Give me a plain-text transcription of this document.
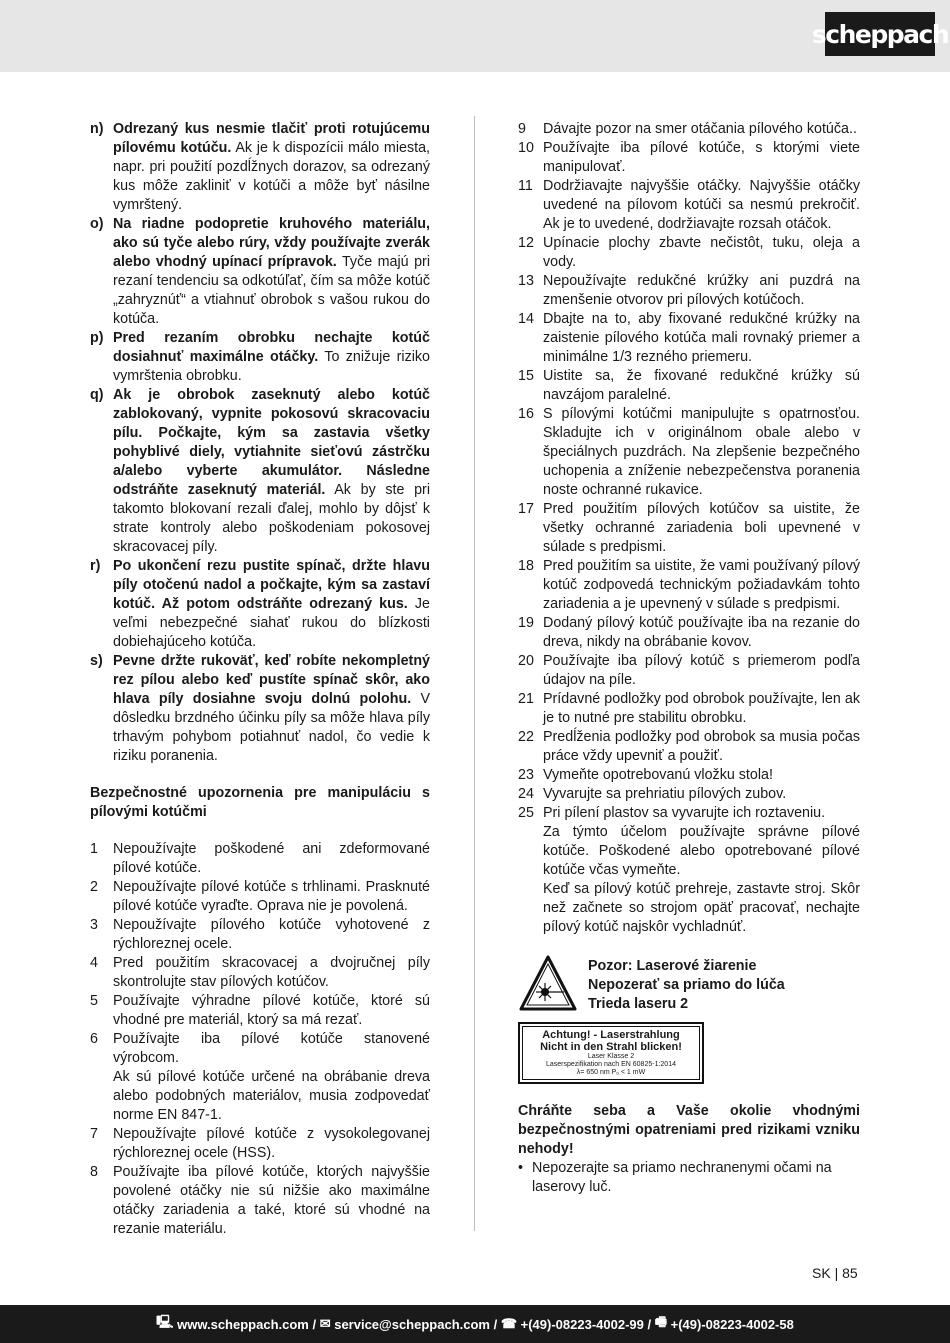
scheppach
n) Odrezaný kus nesmie tlačiť proti rotujúcemu pílovému kotúču. Ak je k dispozícii málo miesta, napr. pri použití pozdĺžnych dorazov, sa odrezaný kus môže zakliniť v kotúči a môže byť násilne vymrštený.
o) Na riadne podopretie kruhového materiálu, ako sú tyče alebo rúry, vždy používajte zverák alebo vhodný upínací prípravok. Tyče majú pri rezaní tendenciu sa odkotúľať, čím sa môže kotúč „zahryznúť“ a vtiahnuť obrobok s vašou rukou do kotúča.
p) Pred rezaním obrobku nechajte kotúč dosiahnuť maximálne otáčky. To znižuje riziko vymrštenia obrobku.
q) Ak je obrobok zaseknutý alebo kotúč zablokovaný, vypnite pokosovú skracovaciu pílu. Počkajte, kým sa zastavia všetky pohyblivé diely, vytiahnite sieťovú zástrčku a/alebo vyberte akumulátor. Následne odstráňte zaseknutý materiál. Ak by ste pri takomto blokovaní rezali ďalej, mohlo by dôjsť k strate kontroly alebo poškodeniam pokosovej skracovacej píly.
r) Po ukončení rezu pustite spínač, držte hlavu píly otočenú nadol a počkajte, kým sa zastaví kotúč. Až potom odstráňte odrezaný kus. Je veľmi nebezpečné siahať rukou do blízkosti dobiehajúceho kotúča.
s) Pevne držte rukoväť, keď robíte nekompletný rez pílou alebo keď pustíte spínač skôr, ako hlava píly dosiahne svoju dolnú polohu. V dôsledku brzdného účinku píly sa môže hlava píly trhavým pohybom potiahnuť nadol, čo vedie k riziku poranenia.
Bezpečnostné upozornenia pre manipuláciu s pílovými kotúčmi
1	Nepoužívajte poškodené ani zdeformované pílové kotúče.
2	Nepoužívajte pílové kotúče s trhlinami. Prasknuté pílové kotúče vyraďte. Oprava nie je povolená.
3	Nepoužívajte pílového kotúče vyhotovené z rýchloreznej ocele.
4	Pred použitím skracovacej a dvojručnej píly skontrolujte stav pílových kotúčov.
5	Používajte výhradne pílové kotúče, ktoré sú vhodné pre materiál, ktorý sa má rezať.
6	Používajte iba pílové kotúče stanovené výrobcom.
Ak sú pílové kotúče určené na obrábanie dreva alebo podobných materiálov, musia zodpovedať norme EN 847-1.
7	Nepoužívajte pílové kotúče z vysokolegovanej rýchloreznej ocele (HSS).
8	Používajte iba pílové kotúče, ktorých najvyššie povolené otáčky nie sú nižšie ako maximálne otáčky zariadenia a také, ktoré sú vhodné na rezanie materiálu.
9	Dávajte pozor na smer otáčania pílového kotúča..
10 Používajte iba pílové kotúče, s ktorými viete manipulovať.
11 Dodržiavajte najvyššie otáčky. Najvyššie otáčky uvedené na pílovom kotúči sa nesmú prekročiť. Ak je to uvedené, dodržiavajte rozsah otáčok.
12 Upínacie plochy zbavte nečistôt, tuku, oleja a vody.
13 Nepoužívajte redukčné krúžky ani puzdrá na zmenšenie otvorov pri pílových kotúčoch.
14 Dbajte na to, aby fixované redukčné krúžky na zaistenie pílového kotúča mali rovnaký priemer a minimálne 1/3 rezného priemeru.
15 Uistite sa, že fixované redukčné krúžky sú navzájom paralelné.
16 S pílovými kotúčmi manipulujte s opatrnosťou. Skladujte ich v originálnom obale alebo v špeciálnych puzdrách. Na zlepšenie bezpečného uchopenia a zníženie nebezpečenstva poranenia noste ochranné rukavice.
17 Pred použitím pílových kotúčov sa uistite, že všetky ochranné zariadenia boli upevnené v súlade s predpismi.
18 Pred použitím sa uistite, že vami používaný pílový kotúč zodpovedá technickým požiadavkám tohto zariadenia a je upevnený v súlade s predpismi.
19 Dodaný pílový kotúč používajte iba na rezanie do dreva, nikdy na obrábanie kovov.
20 Používajte iba pílový kotúč s priemerom podľa údajov na píle.
21 Prídavné podložky pod obrobok používajte, len ak je to nutné pre stabilitu obrobku.
22 Predĺženia podložky pod obrobok sa musia počas práce vždy upevniť a použiť.
23 Vymeňte opotrebovanú vložku stola!
24 Vyvarujte sa prehriatiu pílových zubov.
25 Pri pílení plastov sa vyvarujte ich roztaveniu.
Za týmto účelom používajte správne pílové kotúče. Poškodené alebo opotrebované pílové kotúče včas vymeňte.
Keď sa pílový kotúč prehreje, zastavte stroj. Skôr než začnete so strojom opäť pracovať, nechajte pílový kotúč najskôr vychladnúť.
Pozor: Laserové žiarenie
Nepozerať sa priamo do lúča
Trieda laseru 2
Achtung! - Laserstrahlung
Nicht in den Strahl blicken!
Laser Klasse 2
Laserspezifikation nach EN 60825-1:2014
λ= 650 nm Pₒ < 1 mW
Chráňte seba a Vaše okolie vhodnými bezpečnostnými opatreniami pred rizikami vzniku nehody!
• Nepozerajte sa priamo nechranenymi očami na laserovy luč.
SK | 85
🖳 www.scheppach.com / ✉ service@scheppach.com / ☎ +(49)-08223-4002-99 / 🖷 +(49)-08223-4002-58
